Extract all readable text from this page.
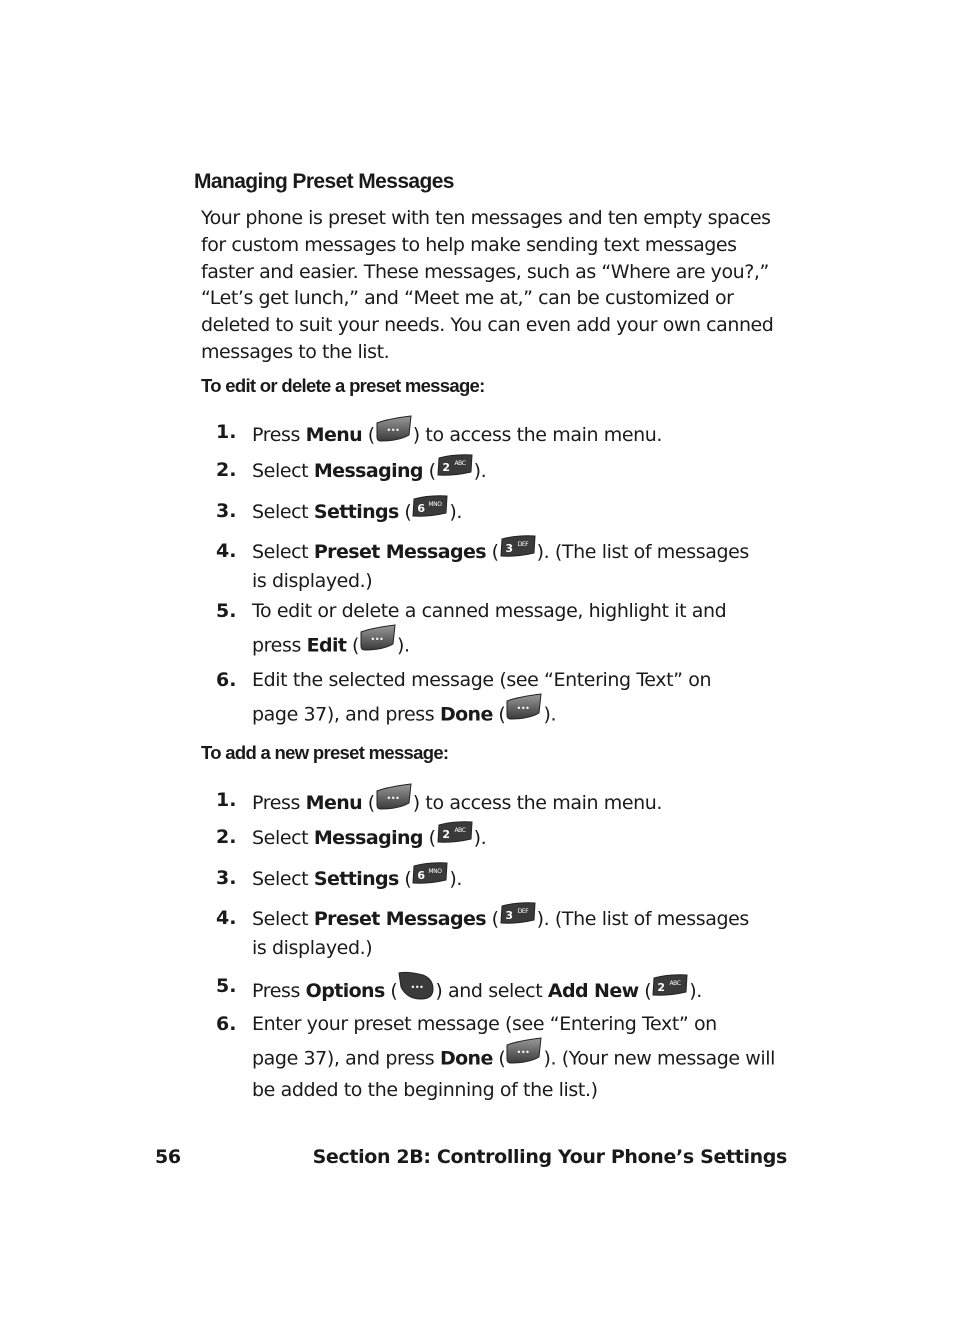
Managing Preset Messages

Your phone is preset with ten messages and ten empty spaces for custom messages to help make sending text messages faster and easier. These messages, such as “Where are you?,” “Let’s get lunch,” and “Meet me at,” can be customized or deleted to suit your needs. You can even add your own canned messages to the list.

To edit or delete a preset message:

1. Press Menu ( ••• ) to access the main menu.
2. Select Messaging ( 2 ABC ).
3. Select Settings ( 6 MNO ).
4. Select Preset Messages ( 3 DEF ). (The list of messages
is displayed.)
5. To edit or delete a canned message, highlight it and
press Edit ( ••• ).
6. Edit the selected message (see “Entering Text” on
page 37), and press Done ( ••• ).

To add a new preset message:

1. Press Menu ( ••• ) to access the main menu.
2. Select Messaging ( 2 ABC ).
3. Select Settings ( 6 MNO ).
4. Select Preset Messages ( 3 DEF ). (The list of messages
is displayed.)
5. Press Options ( ••• ) and select Add New ( 2 ABC ).
6. Enter your preset message (see “Entering Text” on
page 37), and press Done ( ••• ). (Your new message will
be added to the beginning of the list.)
56	Section 2B: Controlling Your Phone’s Settings
